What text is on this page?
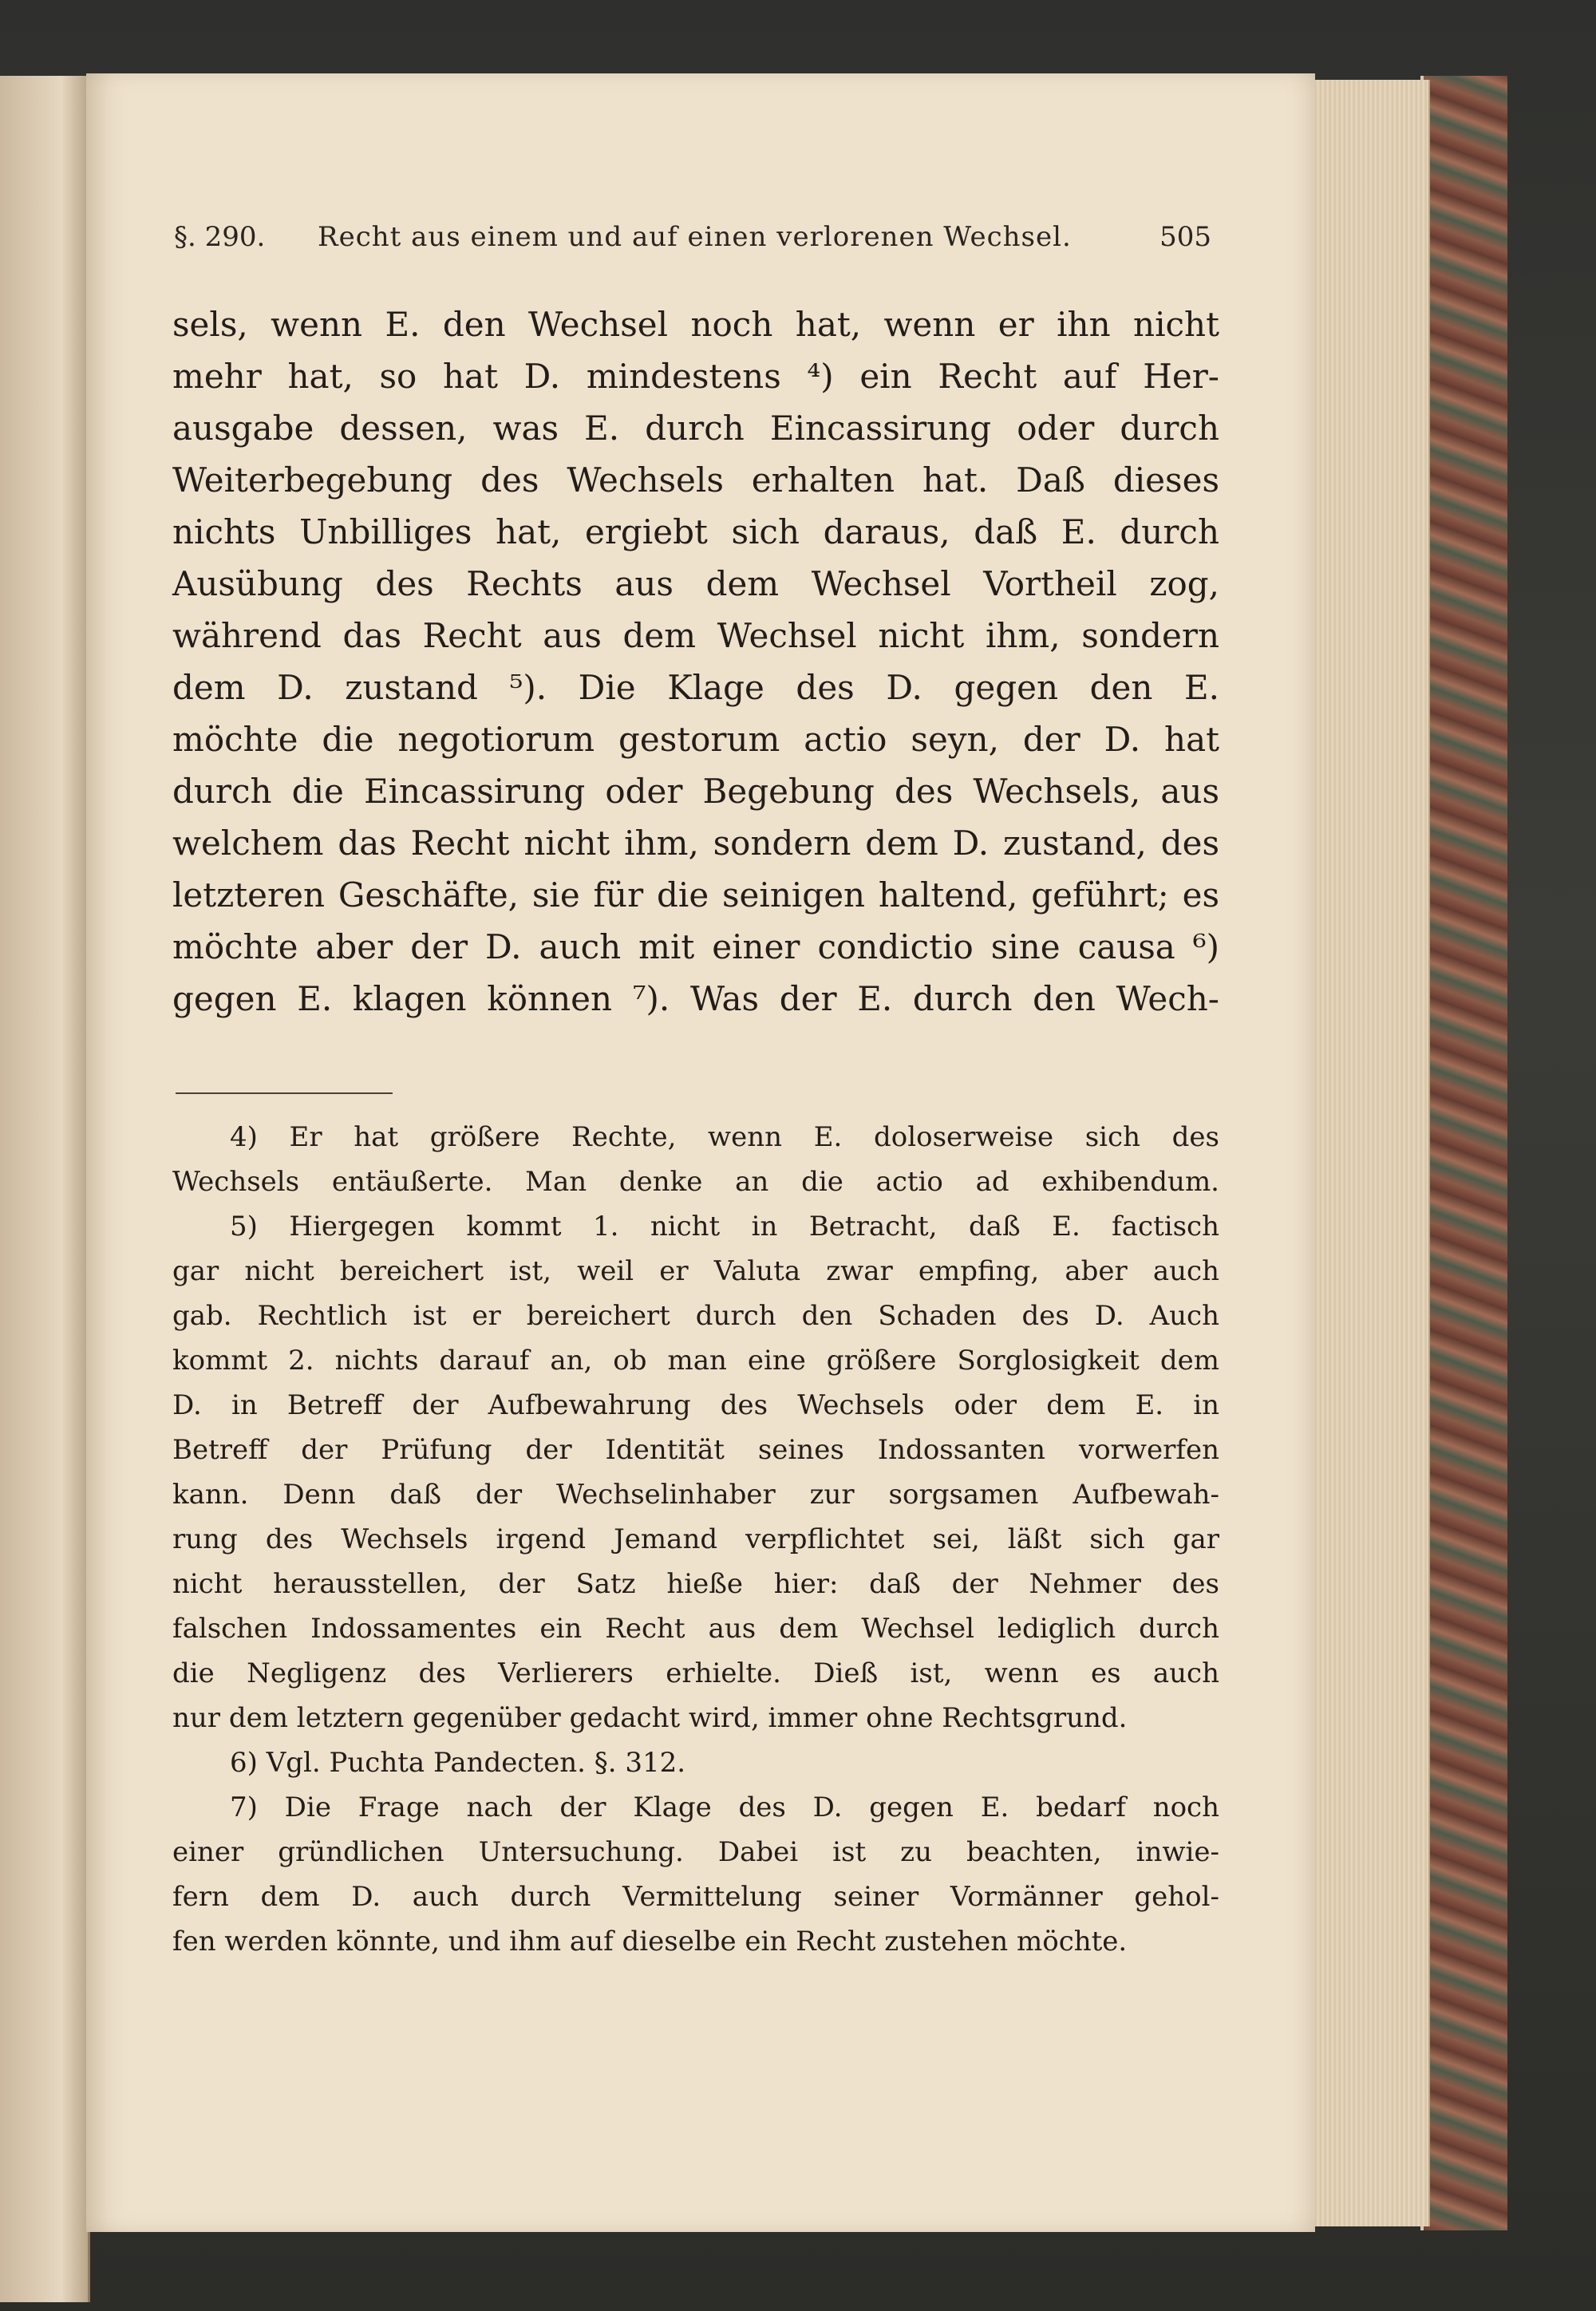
§. 290. Recht aus einem und auf einen verlorenen Wechsel.	505
sels, wenn E. den Wechsel noch hat, wenn er ihn nicht
mehr hat, so hat D. mindestens ⁴) ein Recht auf Her-
ausgabe dessen, was E. durch Eincassirung oder durch
Weiterbegebung des Wechsels erhalten hat. Daß dieses
nichts Unbilliges hat, ergiebt sich daraus, daß E. durch
Ausübung des Rechts aus dem Wechsel Vortheil zog,
während das Recht aus dem Wechsel nicht ihm, sondern
dem D. zustand ⁵). Die Klage des D. gegen den E.
möchte die negotiorum gestorum actio seyn, der D. hat
durch die Eincassirung oder Begebung des Wechsels, aus
welchem das Recht nicht ihm, sondern dem D. zustand, des
letzteren Geschäfte, sie für die seinigen haltend, geführt; es
möchte aber der D. auch mit einer condictio sine causa ⁶)
gegen E. klagen können ⁷). Was der E. durch den Wech-
4) Er hat größere Rechte, wenn E. doloserweise sich des
Wechsels entäußerte. Man denke an die actio ad exhibendum.
5) Hiergegen kommt 1. nicht in Betracht, daß E. factisch
gar nicht bereichert ist, weil er Valuta zwar empfing, aber auch
gab. Rechtlich ist er bereichert durch den Schaden des D. Auch
kommt 2. nichts darauf an, ob man eine größere Sorglosigkeit dem
D. in Betreff der Aufbewahrung des Wechsels oder dem E. in
Betreff der Prüfung der Identität seines Indossanten vorwerfen
kann. Denn daß der Wechselinhaber zur sorgsamen Aufbewah-
rung des Wechsels irgend Jemand verpflichtet sei, läßt sich gar
nicht herausstellen, der Satz hieße hier: daß der Nehmer des
falschen Indossamentes ein Recht aus dem Wechsel lediglich durch
die Negligenz des Verlierers erhielte. Dieß ist, wenn es auch
nur dem letztern gegenüber gedacht wird, immer ohne Rechtsgrund.
6) Vgl. Puchta Pandecten. §. 312.
7) Die Frage nach der Klage des D. gegen E. bedarf noch
einer gründlichen Untersuchung. Dabei ist zu beachten, inwie-
fern dem D. auch durch Vermittelung seiner Vormänner gehol-
fen werden könnte, und ihm auf dieselbe ein Recht zustehen möchte.
